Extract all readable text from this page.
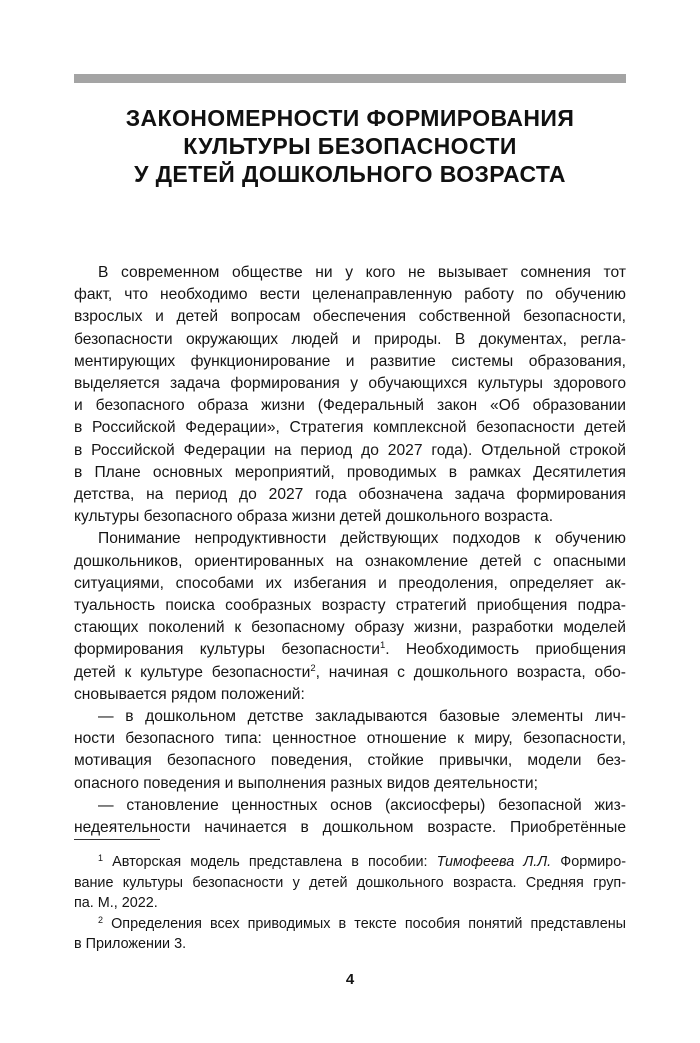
ЗАКОНОМЕРНОСТИ ФОРМИРОВАНИЯ
КУЛЬТУРЫ БЕЗОПАСНОСТИ
У ДЕТЕЙ ДОШКОЛЬНОГО ВОЗРАСТА
В современном обществе ни у кого не вызывает сомнения тот
факт, что необходимо вести целенаправленную работу по обучению
взрослых и детей вопросам обеспечения собственной безопасности,
безопасности окружающих людей и природы. В документах, регла-
ментирующих функционирование и развитие системы образования,
выделяется задача формирования у обучающихся культуры здорового
и безопасного образа жизни (Федеральный закон «Об образовании
в Российской Федерации», Стратегия комплексной безопасности детей
в Российской Федерации на период до 2027 года). Отдельной строкой
в Плане основных мероприятий, проводимых в рамках Десятилетия
детства, на период до 2027 года обозначена задача формирования
культуры безопасного образа жизни детей дошкольного возраста.
Понимание непродуктивности действующих подходов к обучению
дошкольников, ориентированных на ознакомление детей с опасными
ситуациями, способами их избегания и преодоления, определяет ак-
туальность поиска сообразных возрасту стратегий приобщения подра-
стающих поколений к безопасному образу жизни, разработки моделей
формирования культуры безопасности$^1$. Необходимость приобщения
детей к культуре безопасности$^2$, начиная с дошкольного возраста, обо-
сновывается рядом положений:
— в дошкольном детстве закладываются базовые элементы лич-
ности безопасного типа: ценностное отношение к миру, безопасности,
мотивация безопасного поведения, стойкие привычки, модели без-
опасного поведения и выполнения разных видов деятельности;
— становление ценностных основ (аксиосферы) безопасной жиз-
недеятельности начинается в дошкольном возрасте. Приобретённые
$^1$ Авторская модель представлена в пособии: Тимофеева Л.Л. Формиро-
вание культуры безопасности у детей дошкольного возраста. Средняя груп-
па. М., 2022.
$^2$ Определения всех приводимых в тексте пособия понятий представлены
в Приложении 3.
4
